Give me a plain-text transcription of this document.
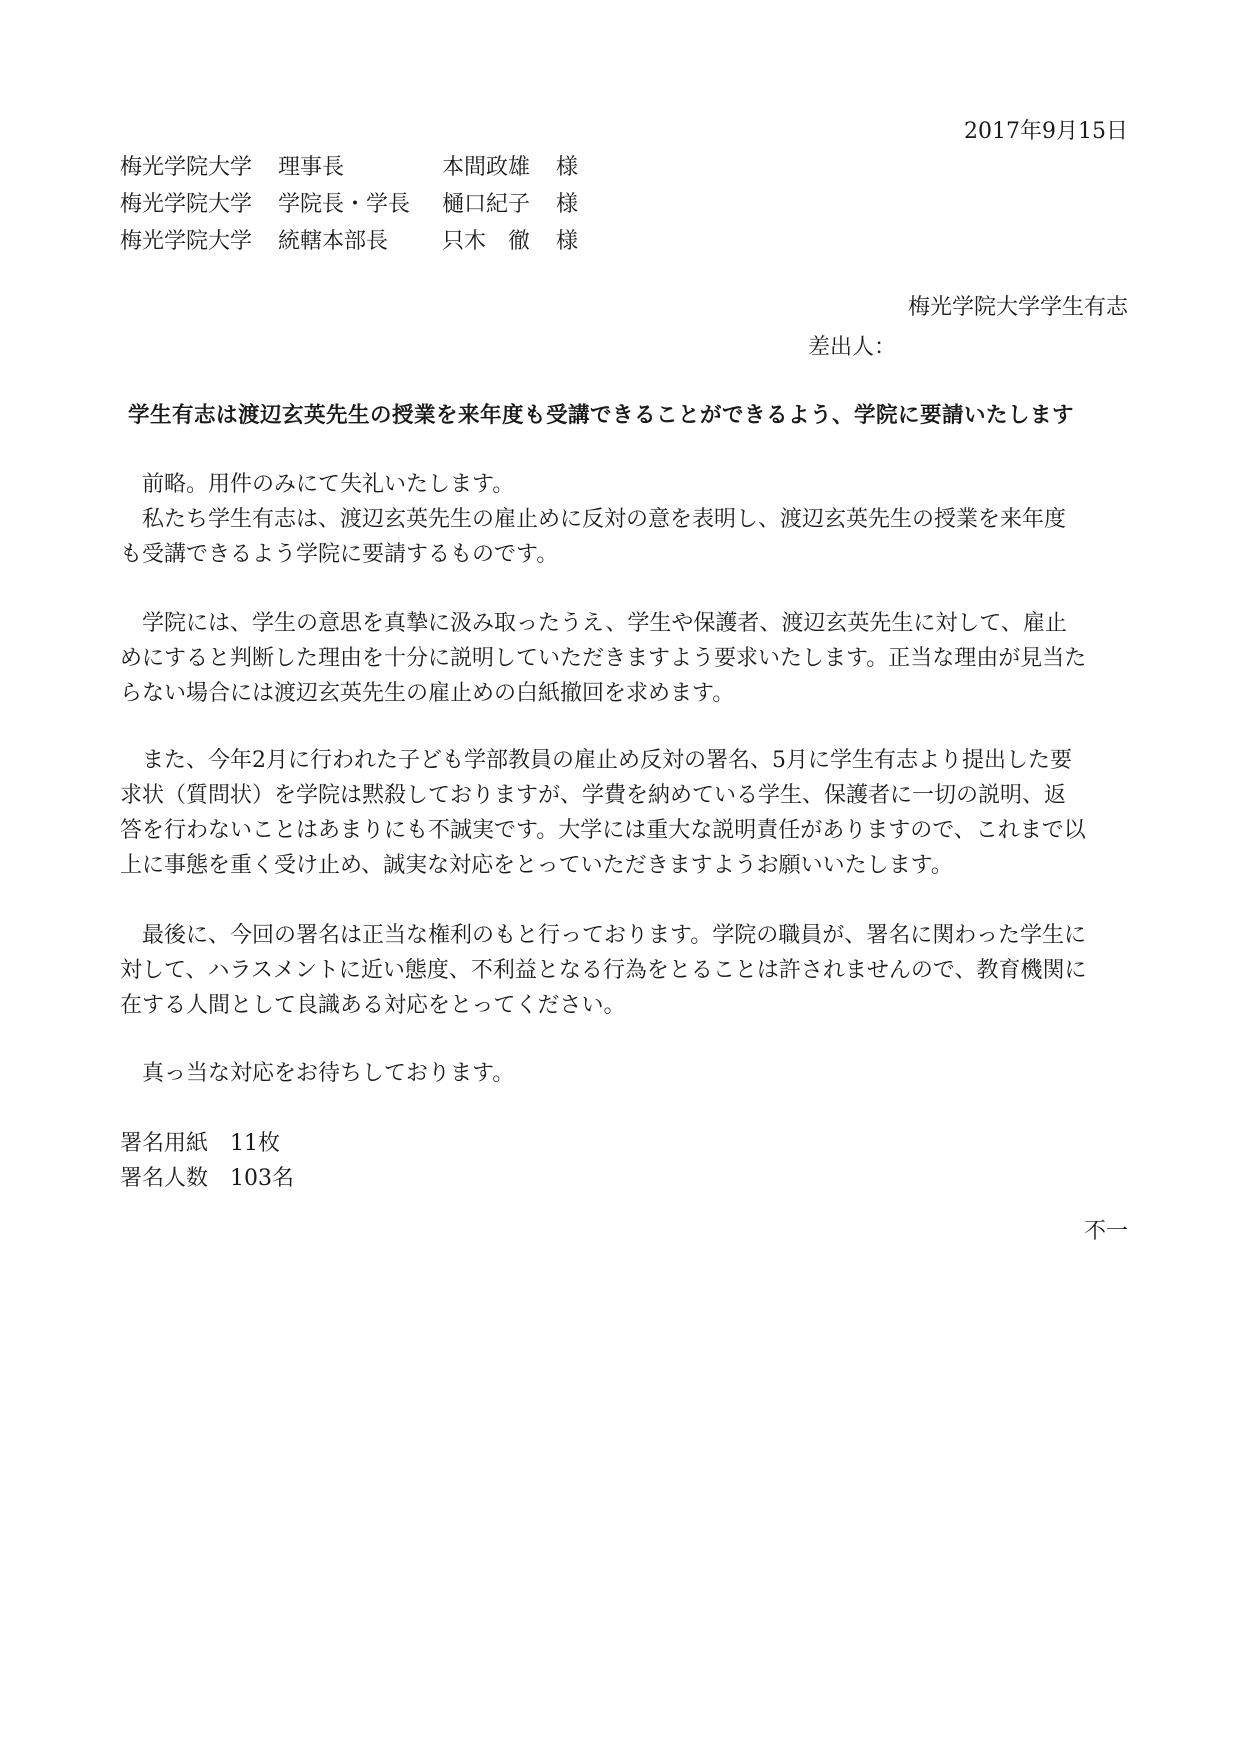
2017年9月15日
梅光学院大学 理事長	本間政雄 様
梅光学院大学 学院長・学長 樋口紀子 様
梅光学院大学 統轄本部長 只木　徹 様
梅光学院大学学生有志
差出人：
学生有志は渡辺玄英先生の授業を来年度も受講できることができるよう、学院に要請いたします
　前略。用件のみにて失礼いたします。
　私たち学生有志は、渡辺玄英先生の雇止めに反対の意を表明し、渡辺玄英先生の授業を来年度
も受講できるよう学院に要請するものです。
　学院には、学生の意思を真摯に汲み取ったうえ、学生や保護者、渡辺玄英先生に対して、雇止
めにすると判断した理由を十分に説明していただきますよう要求いたします。正当な理由が見当た
らない場合には渡辺玄英先生の雇止めの白紙撤回を求めます。
　また、今年2月に行われた子ども学部教員の雇止め反対の署名、5月に学生有志より提出した要
求状（質問状）を学院は黙殺しておりますが、学費を納めている学生、保護者に一切の説明、返
答を行わないことはあまりにも不誠実です。大学には重大な説明責任がありますので、これまで以
上に事態を重く受け止め、誠実な対応をとっていただきますようお願いいたします。
　最後に、今回の署名は正当な権利のもと行っております。学院の職員が、署名に関わった学生に
対して、ハラスメントに近い態度、不利益となる行為をとることは許されませんので、教育機関に
在する人間として良識ある対応をとってください。
　真っ当な対応をお待ちしております。
署名用紙　11枚
署名人数　103名
不一
